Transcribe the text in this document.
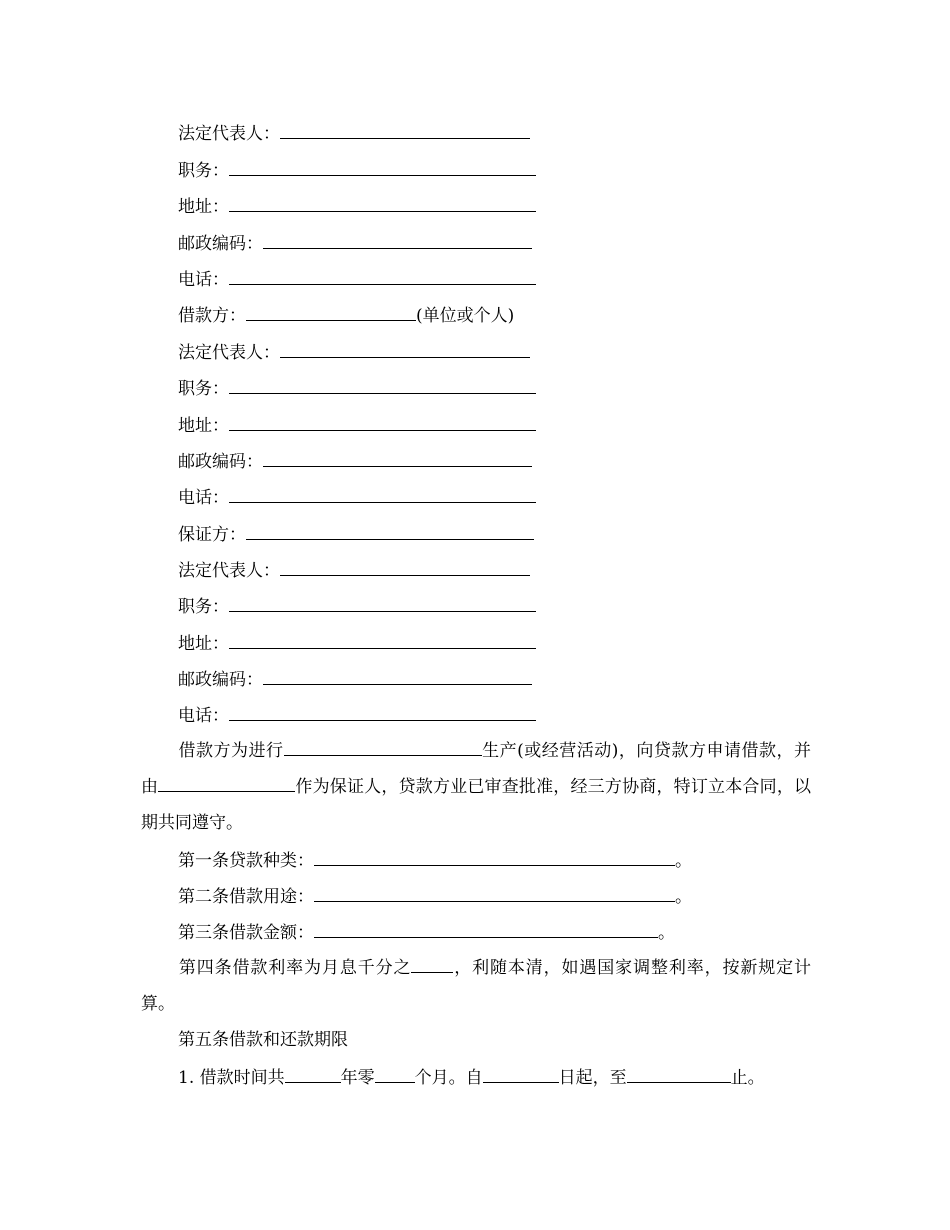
法定代表人：
职务：
地址：
邮政编码：
电话：
借款方：	(单位或个人)
法定代表人：
职务：
地址：
邮政编码：
电话：
保证方：
法定代表人：
职务：
地址：
邮政编码：
电话：
借款方为进行	生产(或经营活动)，向贷款方申请借款，并由	作为保证人，贷款方业已审查批准，经三方协商，特订立本合同，以期共同遵守。
第一条贷款种类：	。
第二条借款用途：	。
第三条借款金额：	。
第四条借款利率为月息千分之 ，利随本清，如遇国家调整利率，按新规定计算。
第五条借款和还款期限
1. 借款时间共	年零 个月。自	日起，至	止。
